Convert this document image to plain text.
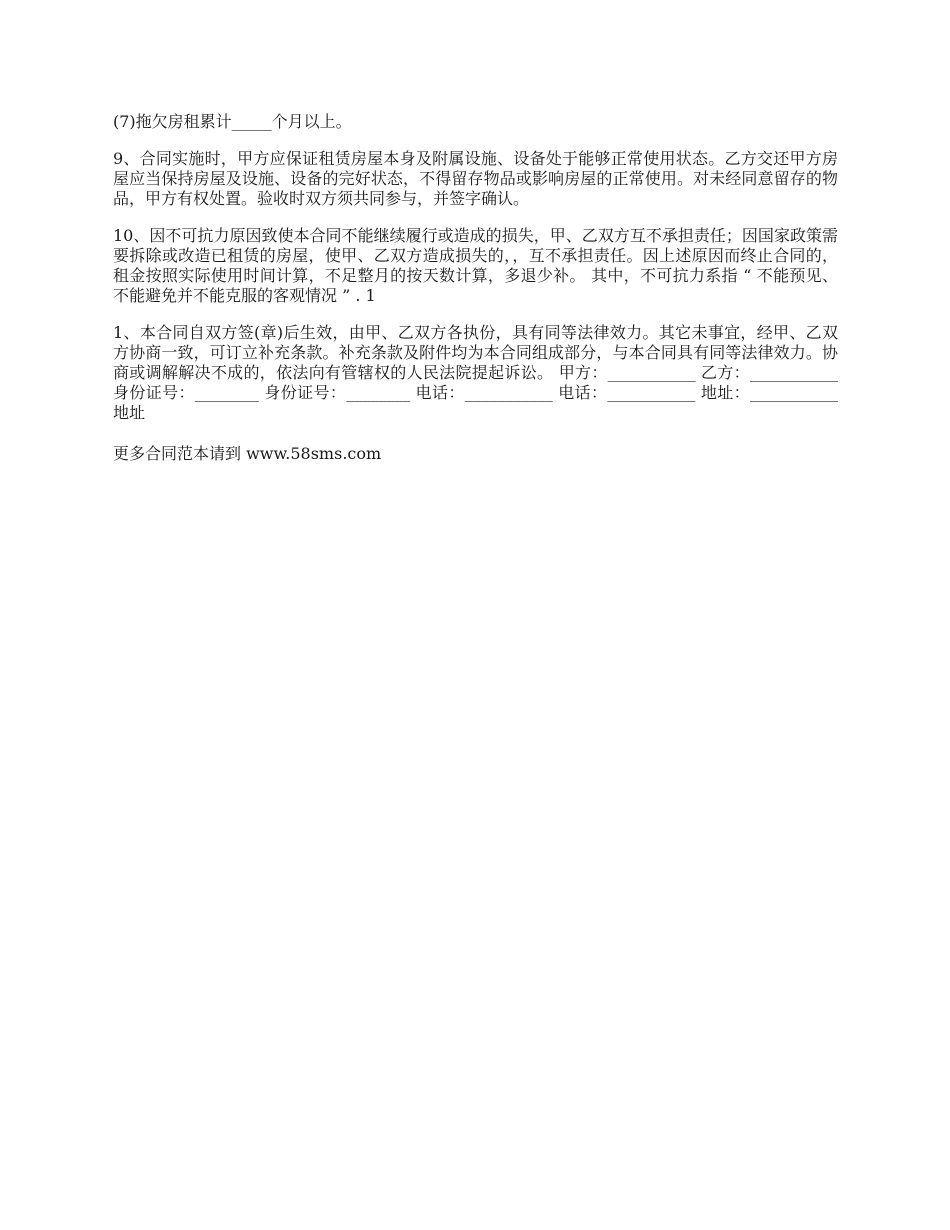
(7)拖欠房租累计_____个月以上。

9、合同实施时，甲方应保证租赁房屋本身及附属设施、设备处于能够正常使用状态。乙方交还甲方房屋应当保持房屋及设施、设备的完好状态，不得留存物品或影响房屋的正常使用。对未经同意留存的物品，甲方有权处置。验收时双方须共同参与，并签字确认。

10、因不可抗力原因致使本合同不能继续履行或造成的损失，甲、乙双方互不承担责任；因国家政策需要拆除或改造已租赁的房屋，使甲、乙双方造成损失的，，互不承担责任。因上述原因而终止合同的，租金按照实际使用时间计算，不足整月的按天数计算，多退少补。 其中，不可抗力系指 “ 不能预见、不能避免并不能克服的客观情况 ” . 1

1、本合同自双方签(章)后生效，由甲、乙双方各执份，具有同等法律效力。其它未事宜，经甲、乙双方协商一致，可订立补充条款。补充条款及附件均为本合同组成部分，与本合同具有同等法律效力。协商或调解解决不成的，依法向有管辖权的人民法院提起诉讼。 甲方：___________ 乙方：___________ 身份证号：________ 身份证号：________ 电话：___________ 电话：___________ 地址：___________ 地址

更多合同范本请到 www.58sms.com
